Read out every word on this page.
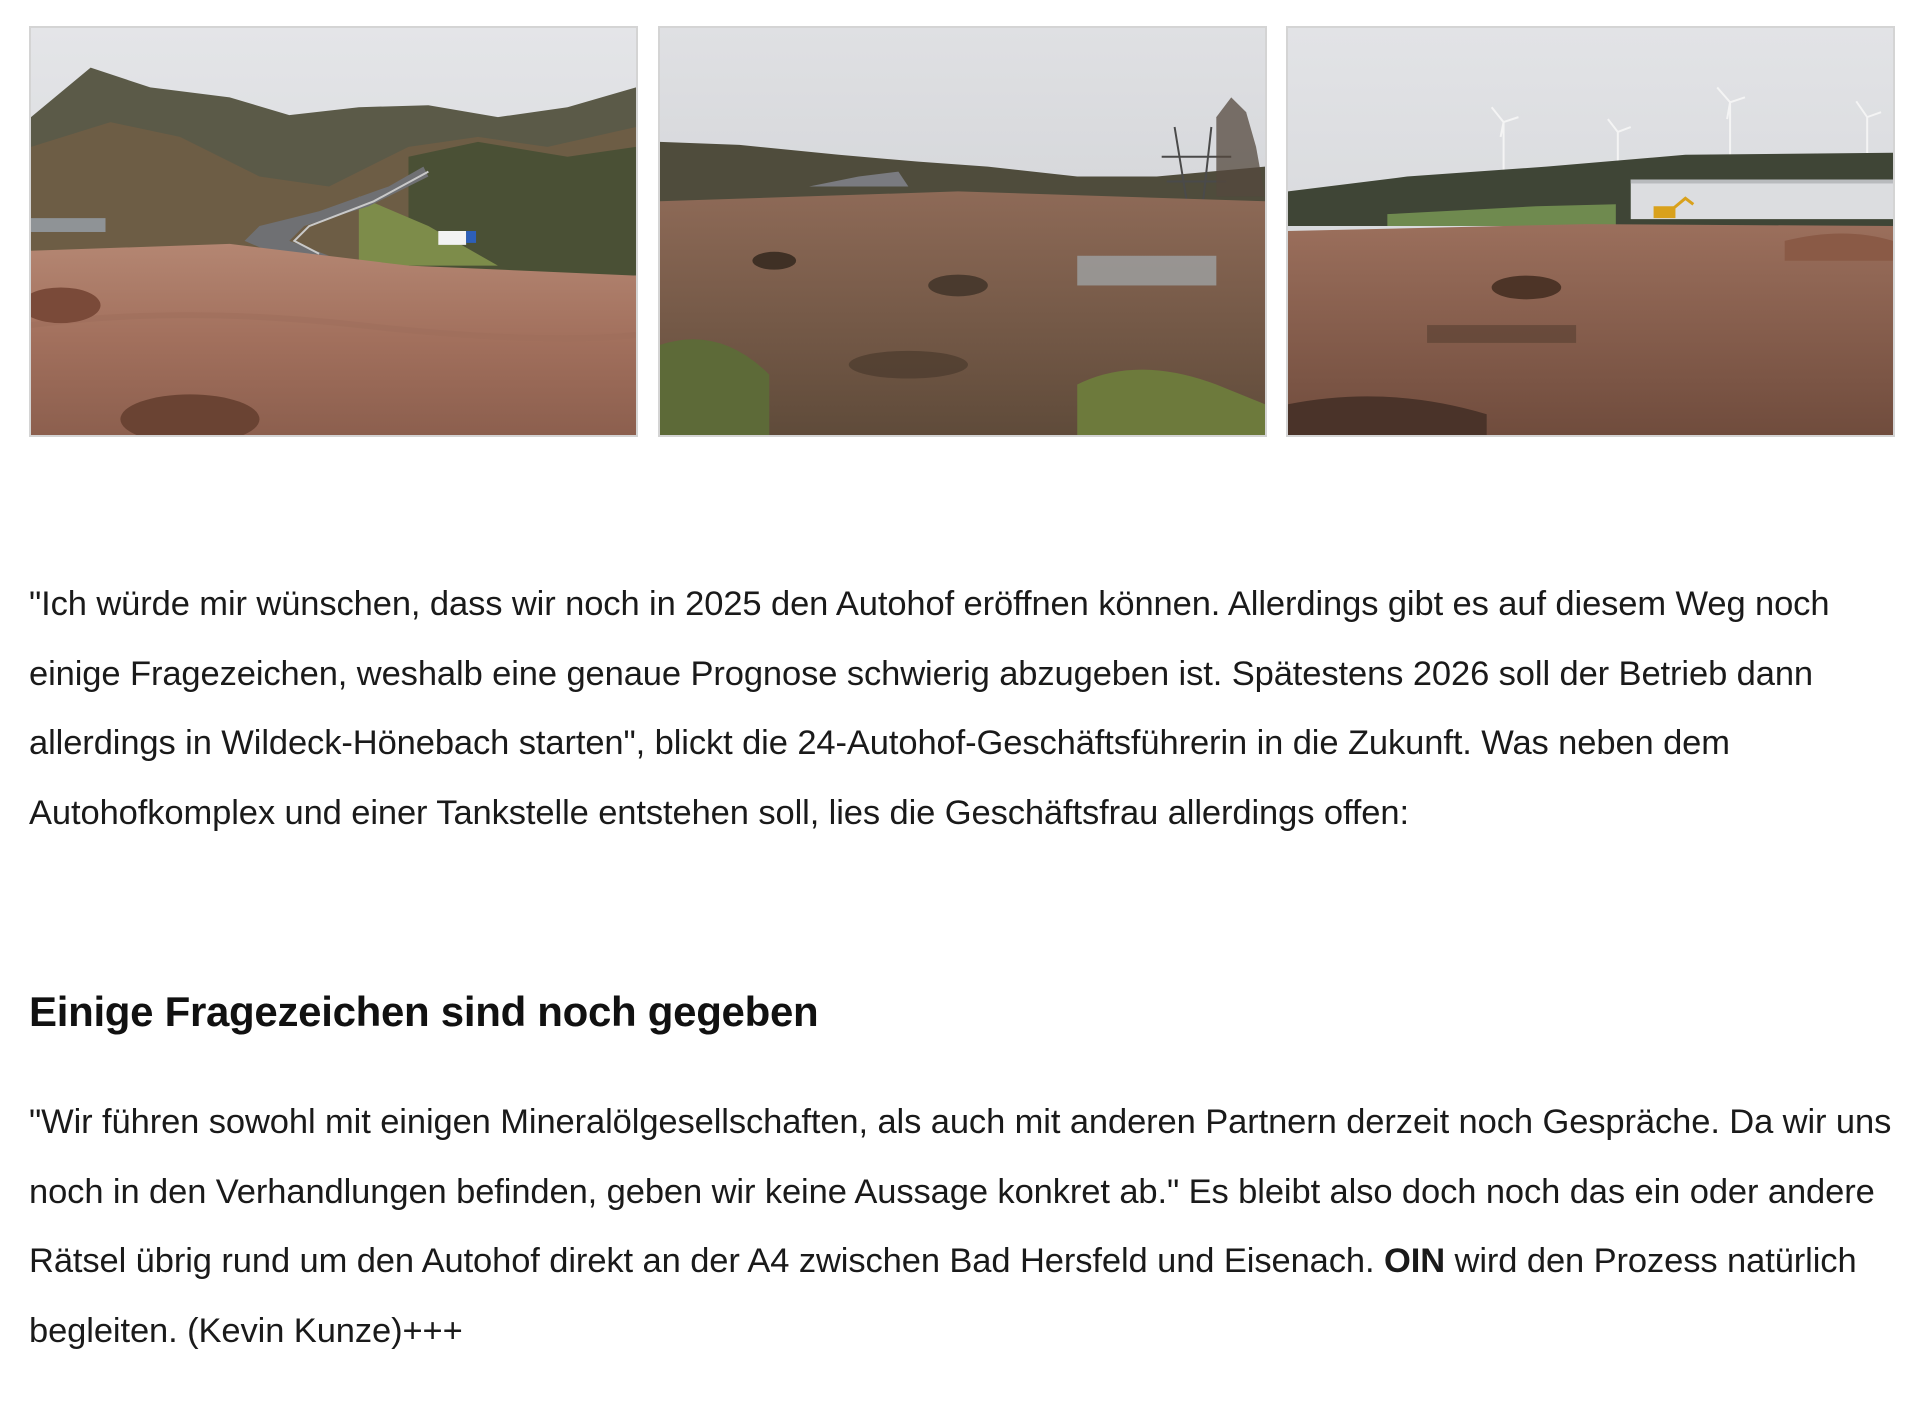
"Ich würde mir wünschen, dass wir noch in 2025 den Autohof eröffnen können. Allerdings gibt es auf diesem Weg noch einige Fragezeichen, weshalb eine genaue Prognose schwierig abzugeben ist. Spätestens 2026 soll der Betrieb dann allerdings in Wildeck-Hönebach starten", blickt die 24-Autohof-Geschäftsführerin in die Zukunft. Was neben dem Autohofkomplex und einer Tankstelle entstehen soll, lies die Geschäftsfrau allerdings offen:

Einige Fragezeichen sind noch gegeben

"Wir führen sowohl mit einigen Mineralölgesellschaften, als auch mit anderen Partnern derzeit noch Gespräche. Da wir uns noch in den Verhandlungen befinden, geben wir keine Aussage konkret ab." Es bleibt also doch noch das ein oder andere Rätsel übrig rund um den Autohof direkt an der A4 zwischen Bad Hersfeld und Eisenach. OIN wird den Prozess natürlich begleiten. (Kevin Kunze)+++
